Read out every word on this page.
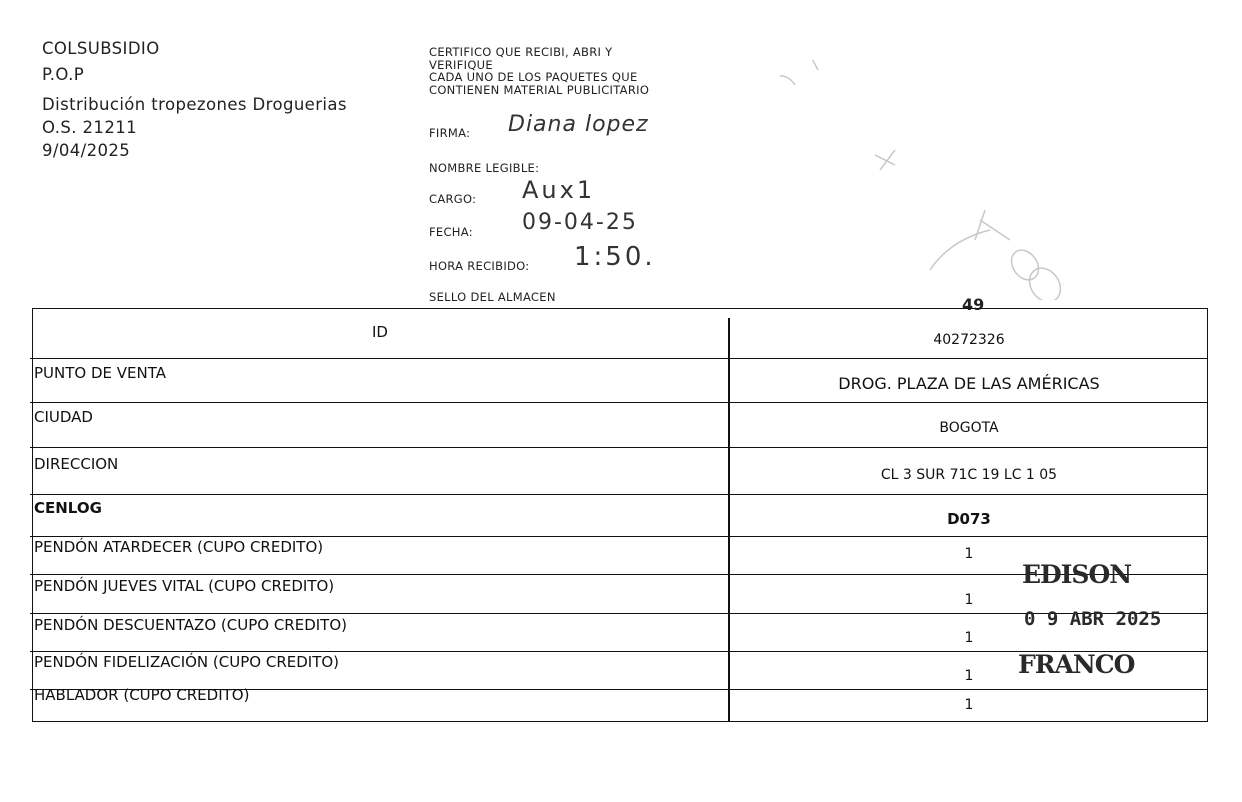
COLSUBSIDIO
P.O.P
Distribución tropezones Droguerias
O.S. 21211
9/04/2025
CERTIFICO QUE RECIBI, ABRI Y
VERIFIQUE
CADA UNO DE LOS PAQUETES QUE
CONTIENEN MATERIAL PUBLICITARIO
FIRMA:
NOMBRE LEGIBLE:
CARGO:
FECHA:
HORA RECIBIDO:
SELLO DEL ALMACEN
Diana lopez
Aux1
09-04-25
1:50.
49
ID	40272326
PUNTO DE VENTA
DROG. PLAZA DE LAS AMÉRICAS
CIUDAD
BOGOTA
DIRECCION
CL 3 SUR 71C 19 LC 1 05
CENLOG
D073
PENDÓN ATARDECER (CUPO CREDITO)	1
PENDÓN JUEVES VITAL (CUPO CREDITO)
1
PENDÓN DESCUENTAZO (CUPO CREDITO)
1
PENDÓN FIDELIZACIÓN (CUPO CREDITO)
1
HABLADOR (CUPO CREDITO)
1
EDISON
0 9 ABR 2025
FRANCO
